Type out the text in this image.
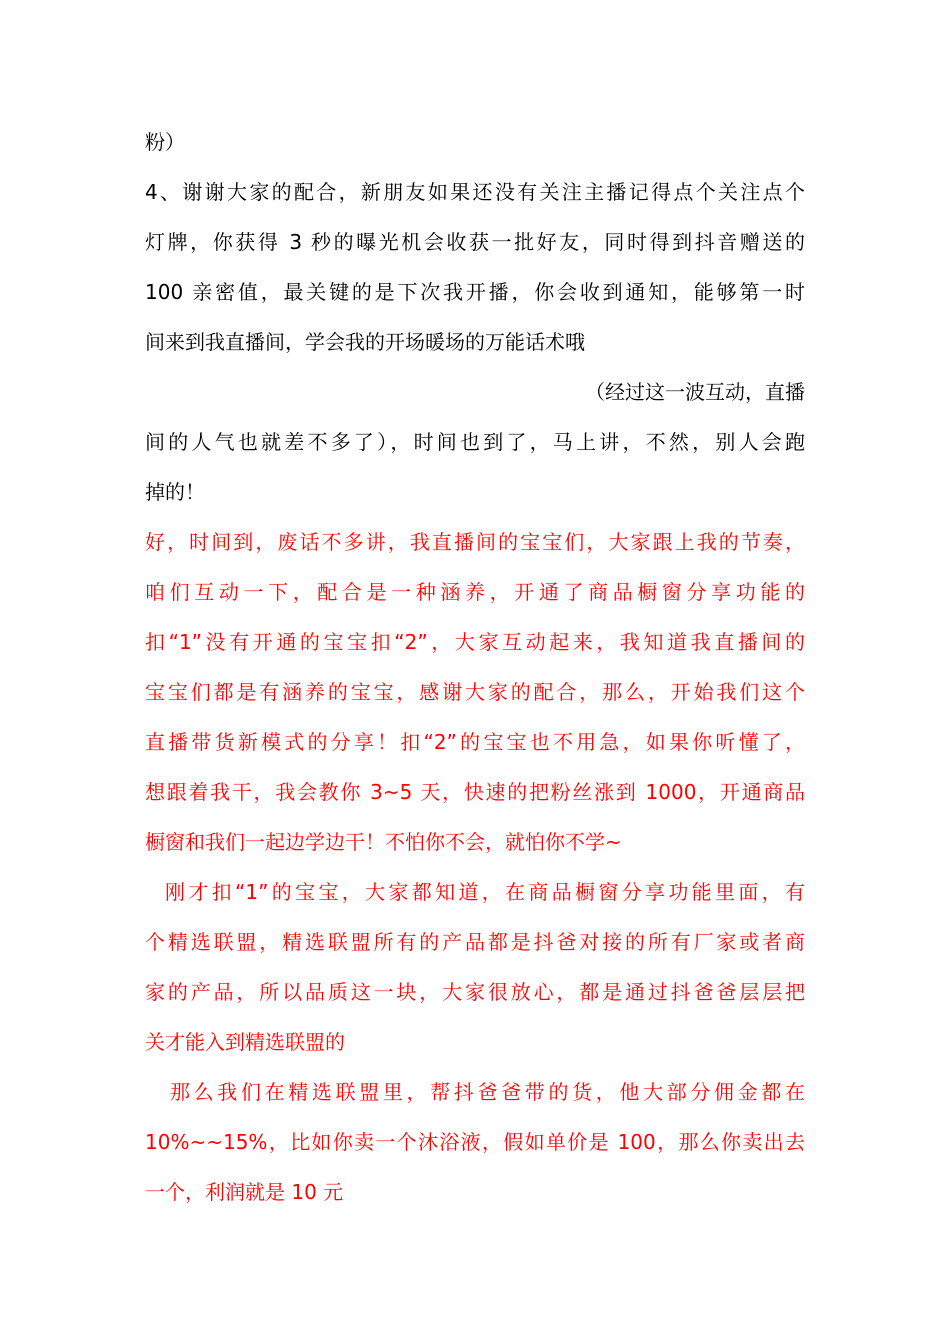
粉）
4、谢谢大家的配合，新朋友如果还没有关注主播记得点个关注点个
灯牌，你获得 3 秒的曝光机会收获一批好友，同时得到抖音赠送的
100 亲密值，最关键的是下次我开播，你会收到通知，能够第一时
间来到我直播间，学会我的开场暖场的万能话术哦
（经过这一波互动，直播
间的人气也就差不多了），时间也到了，马上讲，不然，别人会跑
掉的！
好，时间到，废话不多讲，我直播间的宝宝们，大家跟上我的节奏，
咱们互动一下，配合是一种涵养，开通了商品橱窗分享功能的
扣“1”没有开通的宝宝扣“2”，大家互动起来，我知道我直播间的
宝宝们都是有涵养的宝宝，感谢大家的配合，那么，开始我们这个
直播带货新模式的分享！扣“2”的宝宝也不用急，如果你听懂了，
想跟着我干，我会教你 3~5 天，快速的把粉丝涨到 1000，开通商品
橱窗和我们一起边学边干！不怕你不会，就怕你不学~
刚才扣“1”的宝宝，大家都知道，在商品橱窗分享功能里面，有
个精选联盟，精选联盟所有的产品都是抖爸对接的所有厂家或者商
家的产品，所以品质这一块，大家很放心，都是通过抖爸爸层层把
关才能入到精选联盟的
那么我们在精选联盟里，帮抖爸爸带的货，他大部分佣金都在
10%~~15%，比如你卖一个沐浴液，假如单价是 100，那么你卖出去
一个，利润就是 10 元
